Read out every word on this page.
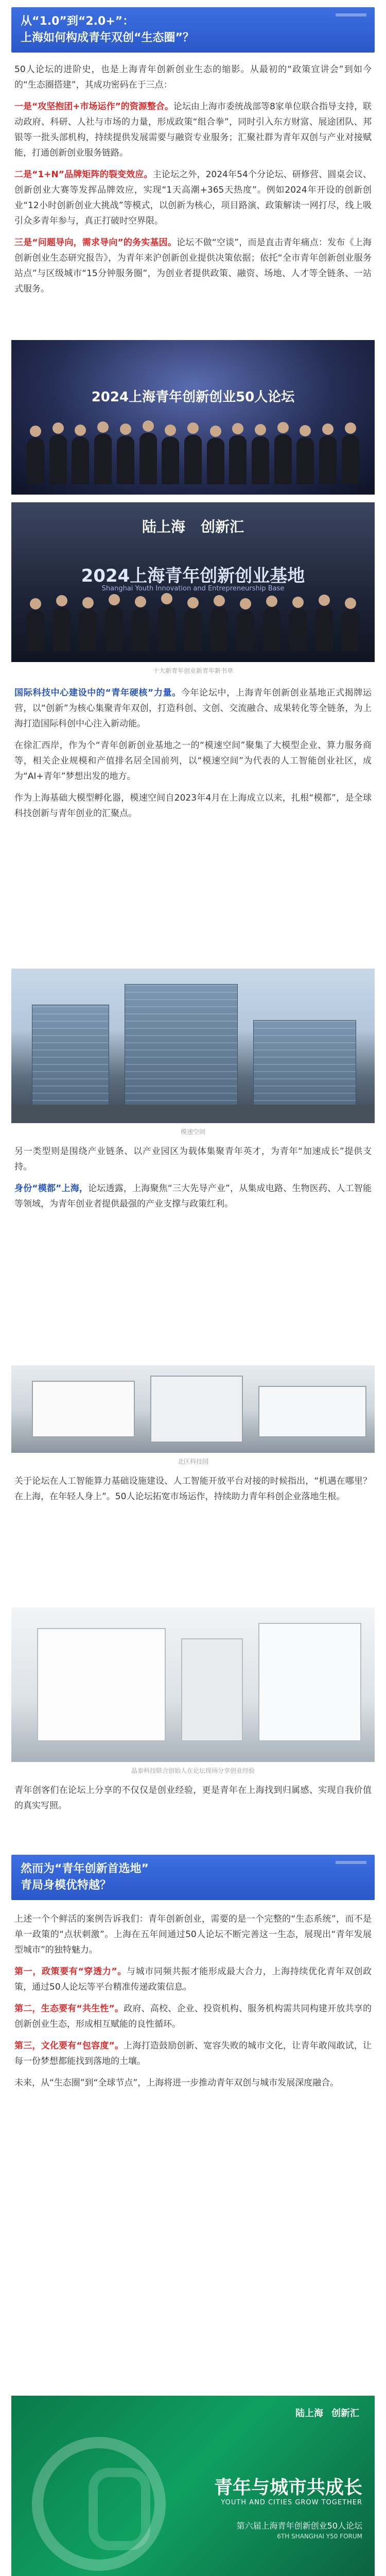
从“1.0”到“2.0+”：
上海如何构成青年双创“生态圈”？

50人论坛的进阶史，也是上海青年创新创业生态的缩影。从最初的“政策宣讲会”到如今的“生态圈搭建”，其成功密码在于三点：

一是“攻坚抱团+市场运作”的资源整合。论坛由上海市委统战部等8家单位联合指导支持，联动政府、科研、人社与市场的力量，形成政策“组合拳”，同时引入东方财富、展途团队、邦银等一批头部机构，持续提供发展需要与融资专业服务；汇聚社群为青年双创与产业对接赋能，打通创新创业服务链路。

二是“1+N”品牌矩阵的裂变效应。主论坛之外，2024年54个分论坛、研修营、圆桌会议、创新创业大赛等发挥品牌效应，实现“1天高潮+365天热度”。例如2024年开设的创新创业“12小时创新创业大挑战”等模式，以创新为核心，项目路演、政策解读一网打尽，线上吸引众多青年参与，真正打破时空界限。

三是“问题导向，需求导向”的务实基因。论坛不做“空谈”，而是直击青年痛点：发布《上海创新创业生态研究报告》，为青年来沪创新创业提供决策依据；依托“全市青年创新创业服务站点”与区级城市“15分钟服务圈”，为创业者提供政策、融资、场地、人才等全链条、一站式服务。

2024上海青年创新创业50人论坛
陆上海 创新汇
2024上海青年创新创业基地
Shanghai Youth Innovation and Entrepreneurship Base
十大新青年创业新青年新书单

国际科技中心建设中的“青年硬核”力量。今年论坛中，上海青年创新创业基地正式揭牌运营，以“创新”为核心集聚青年双创，打造科创、文创、交流融合、成果转化等全链条，为上海打造国际科创中心注入新动能。

在徐汇西岸，作为个“青年创新创业基地之一的“模速空间”聚集了大模型企业、算力服务商等，相关企业规模和产值排名居全国前列，以“模速空间”为代表的人工智能创业社区，成为“AI+青年”梦想出发的地方。

作为上海基础大模型孵化器，模速空间自2023年4月在上海成立以来，扎根“模都”，是全球科技创新与青年创业的汇聚点。

模速空间

另一类型则是围绕产业链条、以产业园区为载体集聚青年英才，为青年“加速成长”提供支持。

身份“模都”上海，论坛透露，上海聚焦“三大先导产业”，从集成电路、生物医药、人工智能等领域，为青年创业者提供最强的产业支撑与政策红利。

北区科技园

关于论坛在人工智能算力基础设施建设、人工智能开放平台对接的时候指出，“机遇在哪里？在上海，在年轻人身上”。50人论坛拓宽市场运作，持续助力青年科创企业落地生根。

晶泰科技联合创始人在论坛现场分享创业经验

青年创客们在论坛上分享的不仅仅是创业经验，更是青年在上海找到归属感、实现自我价值的真实写照。

然而为“青年创新首选地”
青局身模优特越？

上述一个个鲜活的案例告诉我们：青年创新创业，需要的是一个完整的“生态系统”，而不是单一政策的“点状刺激”。上海在五年间通过50人论坛不断完善这一生态，展现出“青年发展型城市”的独特魅力。

第一，政策要有“穿透力”。与城市同频共振才能形成最大合力，上海持续优化青年双创政策，通过50人论坛等平台精准传递政策信息。

第二，生态要有“共生性”。政府、高校、企业、投资机构、服务机构需共同构建开放共享的创新创业生态，形成相互赋能的良性循环。

第三，文化要有“包容度”。上海打造鼓励创新、宽容失败的城市文化，让青年敢闯敢试，让每一份梦想都能找到落地的土壤。

未来，从“生态圈”到“全球节点”，上海将进一步推动青年双创与城市发展深度融合。

陆上海 创新汇
青年与城市共成长
YOUTH AND CITIES GROW TOGETHER
第六届上海青年创新创业50人论坛
6TH SHANGHAI Y50 FORUM
